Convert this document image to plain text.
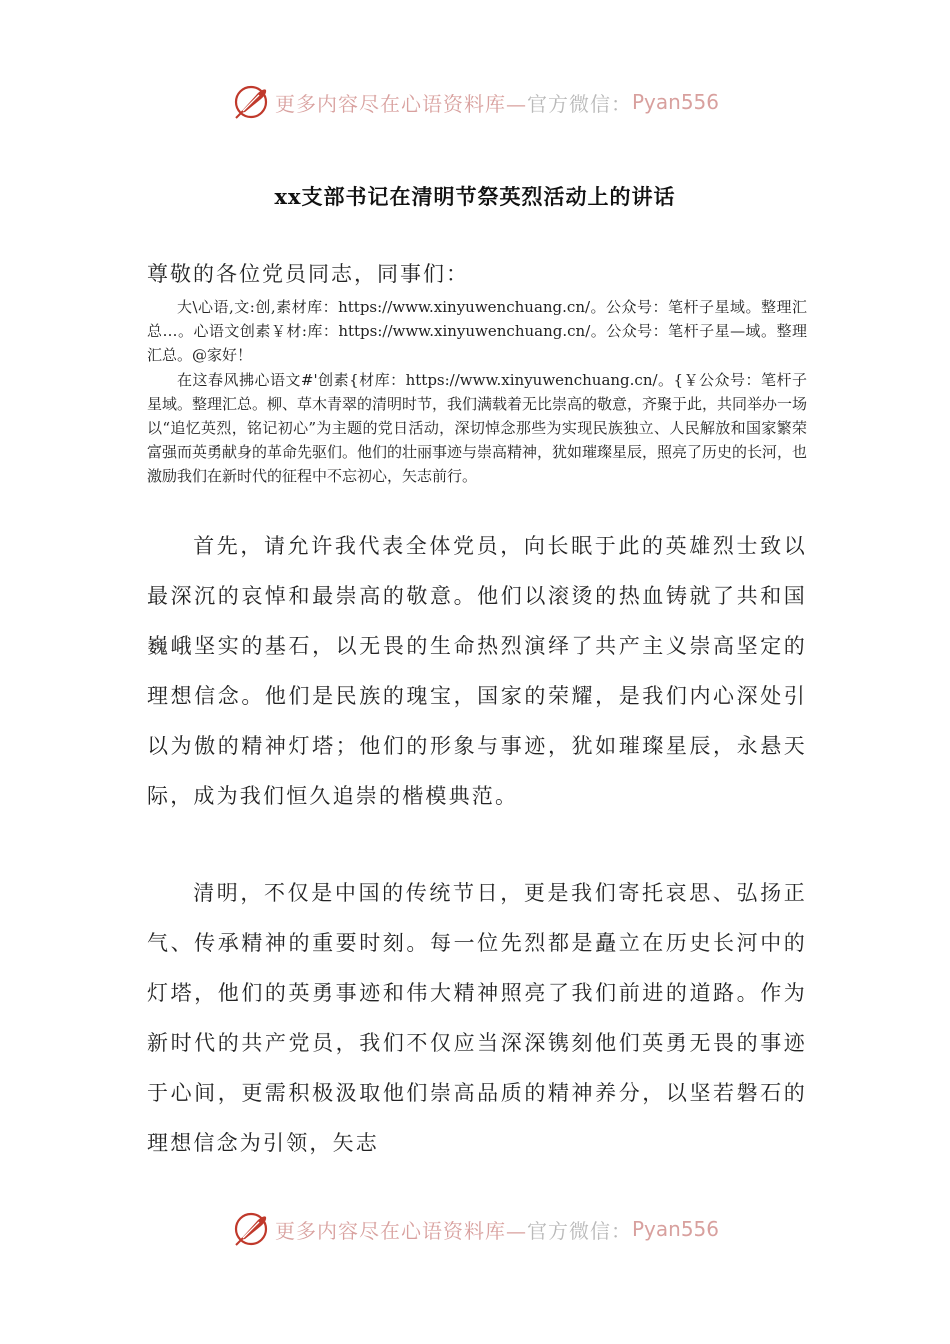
更多内容尽在心语资料库— 官方微信： Pyan556
xx支部书记在清明节祭英烈活动上的讲话
尊敬的各位党员同志，同事们：

大\心语,文:创,素材库：https://www.xinyuwenchuang.cn/。公众号：笔杆子星域。整理汇总…。心语文创素￥材:库：https://www.xinyuwenchuang.cn/。公众号：笔杆子星—域。整理汇总。@家好！

在这春风拂心语文#'创素{材库：https://www.xinyuwenchuang.cn/。{￥公众号：笔杆子星域。整理汇总。柳、草木青翠的清明时节，我们满载着无比崇高的敬意，齐聚于此，共同举办一场以“追忆英烈，铭记初心”为主题的党日活动，深切悼念那些为实现民族独立、人民解放和国家繁荣富强而英勇献身的革命先驱们。他们的壮丽事迹与崇高精神，犹如璀璨星辰，照亮了历史的长河，也激励我们在新时代的征程中不忘初心，矢志前行。

首先，请允许我代表全体党员，向长眠于此的英雄烈士致以最深沉的哀悼和最崇高的敬意。他们以滚烫的热血铸就了共和国巍峨坚实的基石，以无畏的生命热烈演绎了共产主义崇高坚定的理想信念。他们是民族的瑰宝，国家的荣耀，是我们内心深处引以为傲的精神灯塔；他们的形象与事迹，犹如璀璨星辰，永悬天际，成为我们恒久追崇的楷模典范。

清明，不仅是中国的传统节日，更是我们寄托哀思、弘扬正气、传承精神的重要时刻。每一位先烈都是矗立在历史长河中的灯塔，他们的英勇事迹和伟大精神照亮了我们前进的道路。作为新时代的共产党员，我们不仅应当深深镌刻他们英勇无畏的事迹于心间，更需积极汲取他们崇高品质的精神养分，以坚若磐石的理想信念为引领，矢志

更多内容尽在心语资料库— 官方微信： Pyan556
